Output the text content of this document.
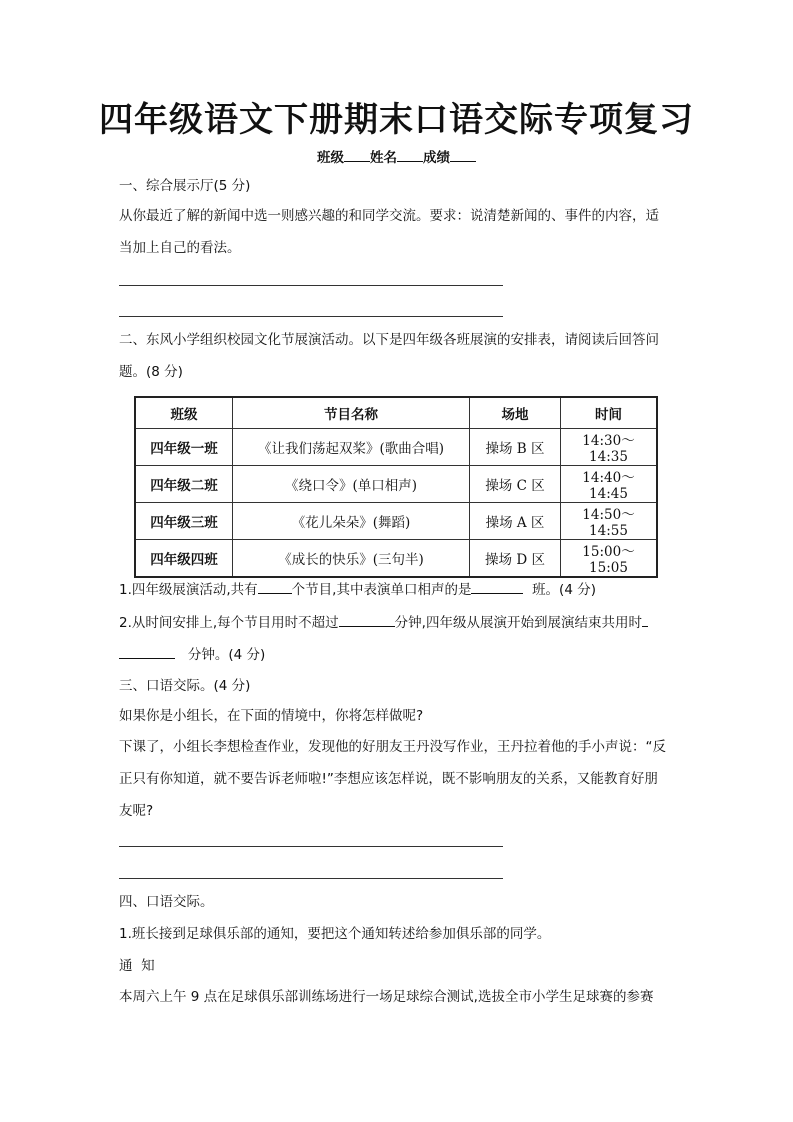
四年级语文下册期末口语交际专项复习
班级 姓名 成绩
一、综合展示厅(5 分)
从你最近了解的新闻中选一则感兴趣的和同学交流。要求：说清楚新闻的、事件的内容，适
当加上自己的看法。
二、东风小学组织校园文化节展演活动。以下是四年级各班展演的安排表，请阅读后回答问
题。(8 分)
班级	节目名称	场地	时间
四年级一班	《让我们荡起双桨》(歌曲合唱)	操场 B 区	14:30～14:35
四年级二班	《绕口令》(单口相声)	操场 C 区	14:40～14:45
四年级三班	《花儿朵朵》(舞蹈)	操场 A 区	14:50～14:55
四年级四班	《成长的快乐》(三句半)	操场 D 区	15:00～15:05
1.四年级展演活动,共有	个节目,其中表演单口相声的是	班。(4 分)
2.从时间安排上,每个节目用时不超过	分钟,四年级从展演开始到展演结束共用时
分钟。(4 分)
三、口语交际。(4 分)
如果你是小组长，在下面的情境中，你将怎样做呢?
下课了，小组长李想检查作业，发现他的好朋友王丹没写作业，王丹拉着他的手小声说：“反
正只有你知道，就不要告诉老师啦!”李想应该怎样说，既不影响朋友的关系，又能教育好朋
友呢?
四、口语交际。
1.班长接到足球俱乐部的通知，要把这个通知转述给参加俱乐部的同学。
通  知
本周六上午 9 点在足球俱乐部训练场进行一场足球综合测试,选拔全市小学生足球赛的参赛
